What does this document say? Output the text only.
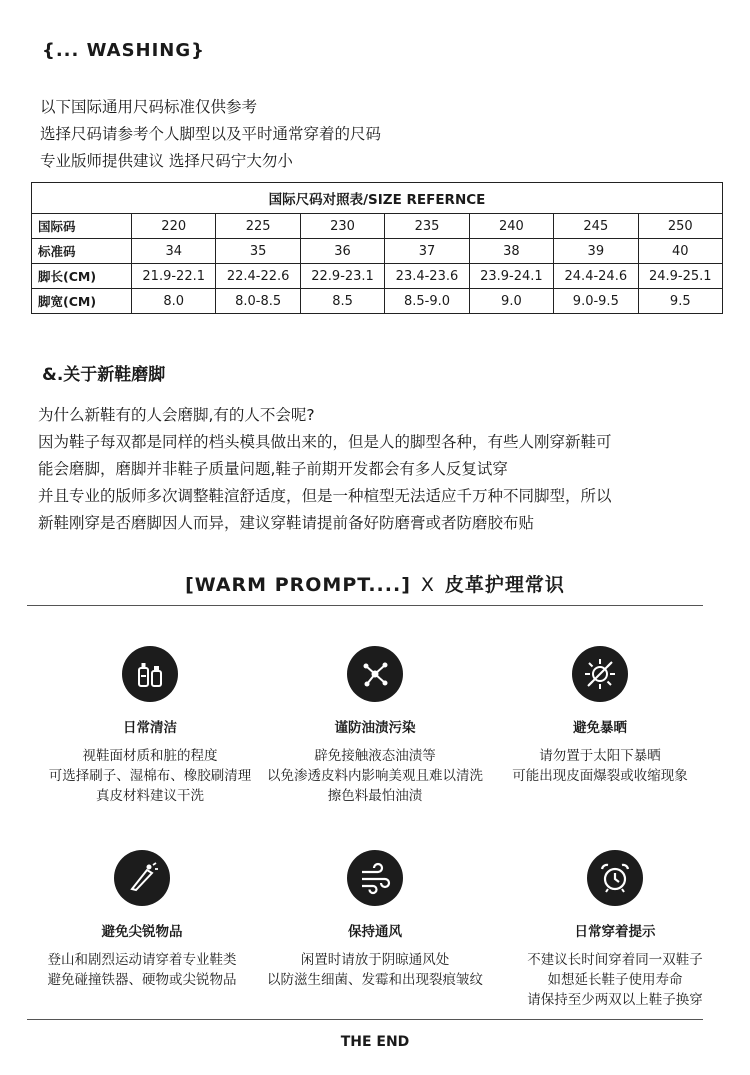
{... WASHING}
以下国际通用尺码标准仅供参考
选择尺码请参考个人脚型以及平时通常穿着的尺码
专业版师提供建议 选择尺码宁大勿小
国际尺码对照表/SIZE REFERNCE							
国际码	220	225	230	235	240	245	250
标准码	34	35	36	37	38	39	40
脚长(CM)	21.9-22.1	22.4-22.6	22.9-23.1	23.4-23.6	23.9-24.1	24.4-24.6	24.9-25.1
脚宽(CM)	8.0	8.0-8.5	8.5	8.5-9.0	9.0	9.0-9.5	9.5
&.关于新鞋磨脚
为什么新鞋有的人会磨脚,有的人不会呢?
因为鞋子每双都是同样的档头模具做出来的，但是人的脚型各种，有些人刚穿新鞋可
能会磨脚，磨脚并非鞋子质量问题,鞋子前期开发都会有多人反复试穿
并且专业的版师多次调整鞋渲舒适度，但是一种楦型无法适应千万种不同脚型，所以
新鞋刚穿是否磨脚因人而异，建议穿鞋请提前备好防磨膏或者防磨胶布贴
[WARM PROMPT....] X 皮革护理常识
日常清洁
视鞋面材质和脏的程度
可选择刷子、湿棉布、橡胶刷清理
真皮材料建议干洗
谨防油渍污染
辟免接触液态油渍等
以免渗透皮料内影响美观且难以清洗
擦色料最怕油渍
避免暴晒
请勿置于太阳下暴晒
可能出现皮面爆裂或收缩现象
避免尖锐物品
登山和剧烈运动请穿着专业鞋类
避免碰撞铁器、硬物或尖锐物品
保持通风
闲置时请放于阴晾通风处
以防滋生细菌、发霉和出现裂痕皱纹
日常穿着提示
不建议长时间穿着同一双鞋子
如想延长鞋子使用寿命
请保持至少两双以上鞋子换穿
THE END
